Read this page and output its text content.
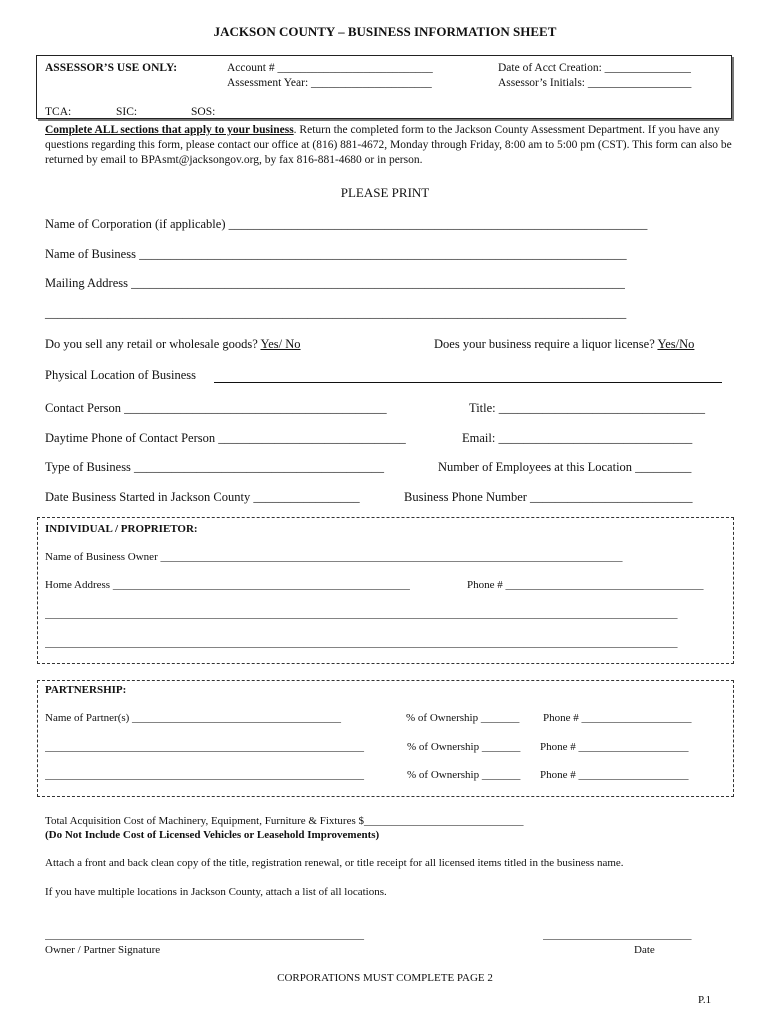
JACKSON COUNTY – BUSINESS INFORMATION SHEET
ASSESSOR’S USE ONLY:	Account # ___________________________
Assessment Year: _____________________
Date of Acct Creation: _______________
Assessor’s Initials: __________________
TCA:	SIC:	SOS:
Complete ALL sections that apply to your business. Return the completed form to the Jackson County Assessment Department. If you have any questions regarding this form, please contact our office at (816) 881-4672, Monday through Friday, 8:00 am to 5:00 pm (CST). This form can also be returned by email to BPAsmt@jacksongov.org, by fax 816-881-4680 or in person.
PLEASE PRINT
Name of Corporation (if applicable) ___________________________________________________________________
Name of Business ______________________________________________________________________________
Mailing Address _______________________________________________________________________________
_____________________________________________________________________________________________
Do you sell any retail or wholesale goods? Yes/ No	Does your business require a liquor license? Yes/No
Physical Location of Business
Contact Person __________________________________________	Title: _________________________________
Daytime Phone of Contact Person ______________________________	Email: _______________________________
Type of Business ________________________________________	Number of Employees at this Location _________
Date Business Started in Jackson County _________________	Business Phone Number __________________________
INDIVIDUAL / PROPRIETOR:
Name of Business Owner ____________________________________________________________________________________
Home Address ______________________________________________________	Phone # ____________________________________
___________________________________________________________________________________________________________________
___________________________________________________________________________________________________________________
PARTNERSHIP:
Name of Partner(s) ______________________________________	% of Ownership _______ Phone # ____________________
__________________________________________________________	% of Ownership _______ Phone # ____________________
__________________________________________________________	% of Ownership _______ Phone # ____________________
Total Acquisition Cost of Machinery, Equipment, Furniture & Fixtures $_____________________________
(Do Not Include Cost of Licensed Vehicles or Leasehold Improvements)
Attach a front and back clean copy of the title, registration renewal, or title receipt for all licensed items titled in the business name.
If you have multiple locations in Jackson County, attach a list of all locations.
__________________________________________________________	___________________________
Owner / Partner Signature	Date
CORPORATIONS MUST COMPLETE PAGE 2
P.1
